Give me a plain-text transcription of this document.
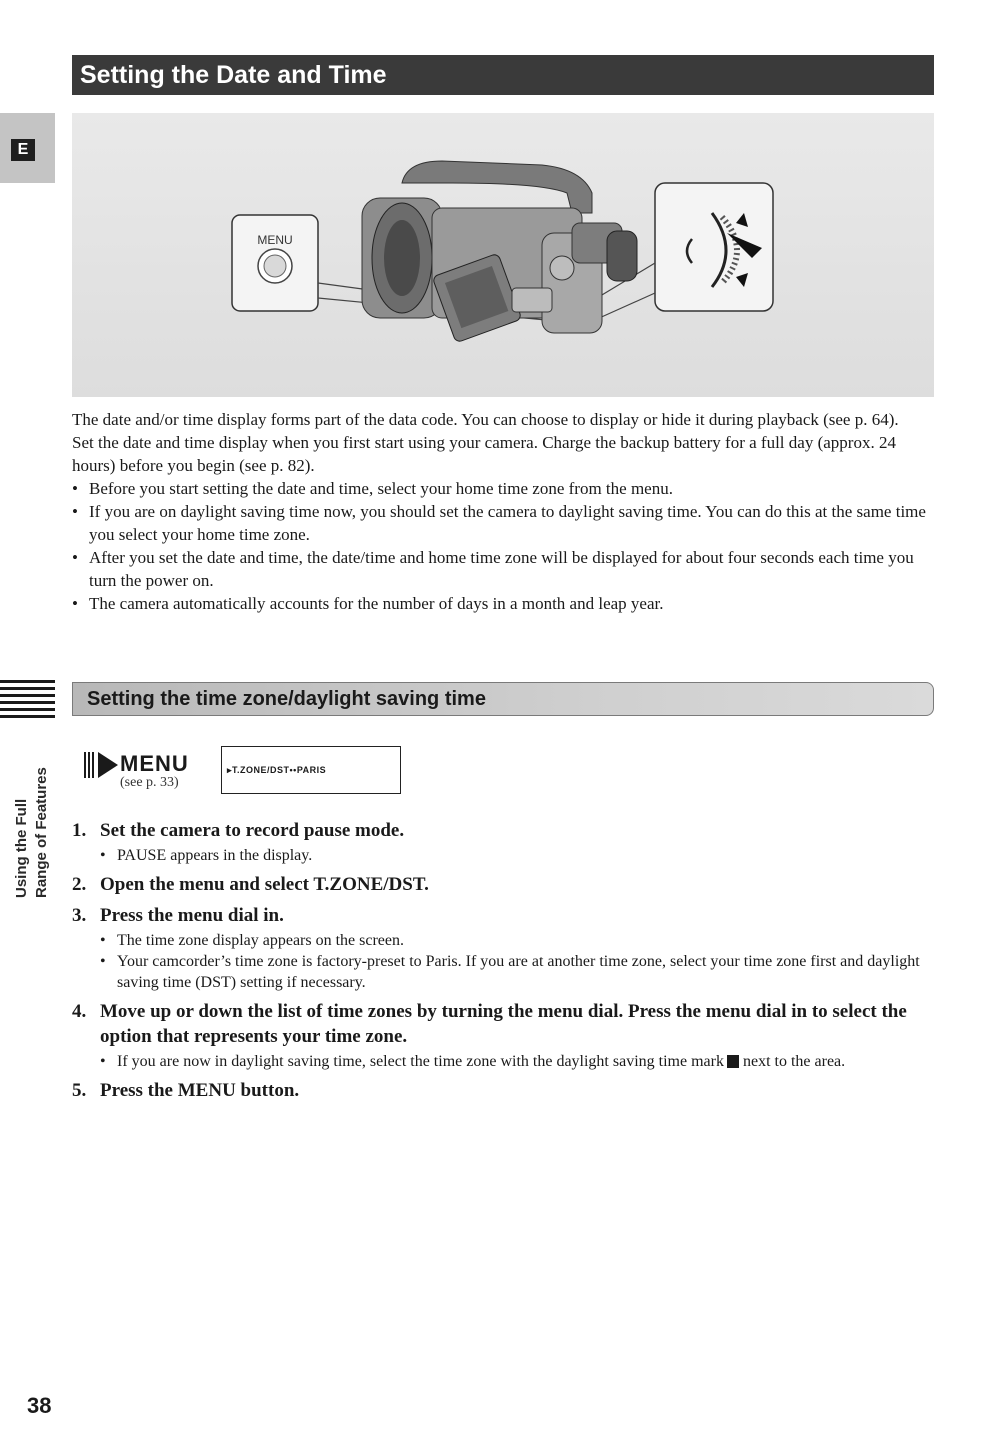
Setting the Date and Time
E
MENU

The date and/or time display forms part of the data code. You can choose to display or hide it during playback (see p. 64).

Set the date and time display when you first start using your camera. Charge the backup battery for a full day (approx. 24 hours) before you begin (see p. 82).

• Before you start setting the date and time, select your home time zone from the menu.
• If you are on daylight saving time now, you should set the camera to daylight saving time. You can do this at the same time you select your home time zone.
• After you set the date and time, the date/time and home time zone will be displayed for about four seconds each time you turn the power on.
• The camera automatically accounts for the number of days in a month and leap year.
Using the Full Range of Features
Setting the time zone/daylight saving time
MENU
(see p. 33)
▸T.ZONE/DST••PARIS
1. Set the camera to record pause mode.
• PAUSE appears in the display.
2. Open the menu and select T.ZONE/DST.
3. Press the menu dial in.
• The time zone display appears on the screen.
• Your camcorder’s time zone is factory-preset to Paris. If you are at another time zone, select your time zone first and daylight saving time (DST) setting if necessary.
4. Move up or down the list of time zones by turning the menu dial. Press the menu dial in to select the option that represents your time zone.
• If you are now in daylight saving time, select the time zone with the daylight saving time mark next to the area.
5. Press the MENU button.
38
